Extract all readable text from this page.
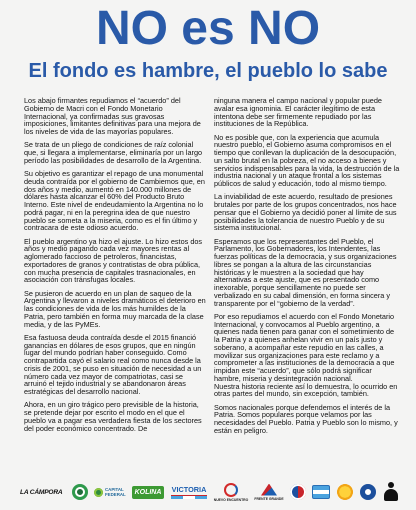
NO es NO
El fondo es hambre, el pueblo lo sabe

Los abajo firmantes repudiamos el “acuerdo” del Gobierno de Macri con el Fondo Monetario Internacional, ya confirmadas sus gravosas imposiciones, limitantes definitivas para una mejora de los niveles de vida de las mayorías populares.

Se trata de un pliego de condiciones de raíz colonial que, si llegara a implementarse, eliminaría por un largo período las posibilidades de desarrollo de la Argentina.

Su objetivo es garantizar el repago de una monumental deuda contraída por el gobierno de Cambiemos que, en dos años y medio, aumentó en 140.000 millones de dólares hasta alcanzar el 60% del Producto Bruto Interno. Este nivel de endeudamiento la Argentina no lo podrá pagar, ni en la peregrina idea de que nuestro pueblo se someta a la miseria, como es el fin último y contracara de este odioso acuerdo.

El pueblo argentino ya hizo el ajuste. Lo hizo estos dos años y medio pagando cada vez mayores rentas al aglomerado faccioso de petroleros, financistas, exportadores de granos y contratistas de obra pública, con mucha presencia de capitales trasnacionales, en asociación con tránsfugas locales.

Se pusieron de acuerdo en un plan de saqueo de la Argentina y llevaron a niveles dramáticos el deterioro en las condiciones de vida de los más humildes de la Patria, pero también en forma muy marcada de la clase media, y de las PyMEs.

Esa fastuosa deuda contraída desde el 2015 financió ganancias en dólares de esos grupos, que en ningún lugar del mundo podrían haber conseguido. Como contrapartida cayó el salario real como nunca desde la crisis de 2001, se puso en situación de necesidad a un número cada vez mayor de compatriotas, casi se arruinó el tejido industrial y se abandonaron áreas estratégicas del desarrollo nacional.

Ahora, en un giro trágico pero previsible de la historia, se pretende dejar por escrito el modo en el que el pueblo va a pagar esa verdadera fiesta de los sectores del poder económico concentrado. De

ninguna manera el campo nacional y popular puede avalar esa ignominia. El carácter ilegítimo de esta intentona debe ser firmemente repudiado por las instituciones de la República.

No es posible que, con la experiencia que acumula nuestro pueblo, el Gobierno asuma compromisos en el tiempo que conllevan la duplicación de la desocupación, un salto brutal en la pobreza, el no acceso a bienes y servicios indispensables para la vida, la destrucción de la industria nacional y un ataque frontal a los sistemas públicos de salud y educación, todo al mismo tiempo.

La inviabilidad de este acuerdo, resultado de presiones brutales por parte de los grupos concentrados, nos hace pensar que el Gobierno ya decidió poner al límite de sus posibilidades la tolerancia de nuestro Pueblo y de su sistema institucional.

Esperamos que los representantes del Pueblo, el Parlamento, los Gobernadores, los Intendentes, las fuerzas políticas de la democracia, y sus organizaciones libres se pongan a la altura de las circunstancias históricas y le muestren a la sociedad que hay alternativas a este ajuste, que es presentado como inexorable, porque sencillamente no puede ser verbalizado en su cabal dimensión, en forma sincera y transparente por el “gobierno de la verdad”.

Por eso repudiamos el acuerdo con el Fondo Monetario Internacional, y convocamos al Pueblo argentino, a quienes nada tienen para ganar con el sometimiento de la Patria y a quienes anhelan vivir en un país justo y soberano, a acompañar este repudio en las calles, a movilizar sus organizaciones para este reclamo y a comprometer a las instituciones de la democracia a que impidan este “acuerdo”, que sólo podrá significar hambre, miseria y desintegración nacional.

Nuestra historia reciente así lo demuestra, lo ocurrido en otras partes del mundo, sin excepción, también.

Somos nacionales porque defendemos el interés de la Patria. Somos populares porque velamos por las necesidades del Pueblo. Patria y Pueblo son lo mismo, y están en peligro.

LA CÁMPORA	CAPITAL
FEDERAL KOLINA VICTORIA
NUEVO ENCUENTRO FRENTE GRANDE
